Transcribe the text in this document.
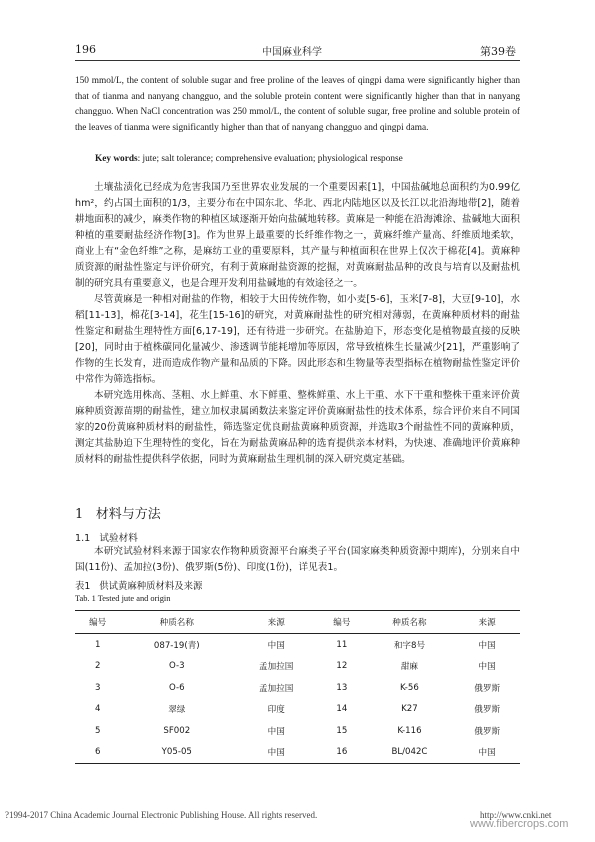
196	中国麻业科学	第39卷
150 mmol/L, the content of soluble sugar and free proline of the leaves of qingpi dama were significantly higher than that of tianma and nanyang changguo, and the soluble protein content were significantly higher than that in nanyang changguo. When NaCl concentration was 250 mmol/L, the content of soluble sugar, free proline and soluble protein of the leaves of tianma were significantly higher than that of nanyang changguo and qingpi dama.
Key words: jute; salt tolerance; comprehensive evaluation; physiological response

土壤盐渍化已经成为危害我国乃至世界农业发展的一个重要因素[1]，中国盐碱地总面积约为0.99亿hm²，约占国土面积的1/3，主要分布在中国东北、华北、西北内陆地区以及长江以北沿海地带[2]，随着耕地面积的减少，麻类作物的种植区域逐渐开始向盐碱地转移。黄麻是一种能在沿海滩涂、盐碱地大面积种植的重要耐盐经济作物[3]。作为世界上最重要的长纤维作物之一，黄麻纤维产量高、纤维质地柔软，商业上有“金色纤维”之称，是麻纺工业的重要原料，其产量与种植面积在世界上仅次于棉花[4]。黄麻种质资源的耐盐性鉴定与评价研究，有利于黄麻耐盐资源的挖掘，对黄麻耐盐品种的改良与培育以及耐盐机制的研究具有重要意义，也是合理开发利用盐碱地的有效途径之一。

尽管黄麻是一种相对耐盐的作物，相较于大田传统作物，如小麦[5-6]，玉米[7-8]，大豆[9-10]，水稻[11-13]，棉花[3-14]，花生[15-16]的研究，对黄麻耐盐性的研究相对薄弱，在黄麻种质材料的耐盐性鉴定和耐盐生理特性方面[6,17-19]，还有待进一步研究。在盐胁迫下，形态变化是植物最直接的反映[20]，同时由于植株碳同化量减少、渗透调节能耗增加等原因，常导致植株生长量减少[21]，严重影响了作物的生长发育，进而造成作物产量和品质的下降。因此形态和生物量等表型指标在植物耐盐性鉴定评价中常作为筛选指标。

本研究选用株高、茎粗、水上鲜重、水下鲜重、整株鲜重、水上干重、水下干重和整株干重来评价黄麻种质资源苗期的耐盐性，建立加权隶属函数法来鉴定评价黄麻耐盐性的技术体系，综合评价来自不同国家的20份黄麻种质材料的耐盐性，筛选鉴定优良耐盐黄麻种质资源，并选取3个耐盐性不同的黄麻种质，测定其盐胁迫下生理特性的变化，旨在为耐盐黄麻品种的选育提供亲本材料，为快速、准确地评价黄麻种质材料的耐盐性提供科学依据，同时为黄麻耐盐生理机制的深入研究奠定基础。

1 材料与方法
1.1 试验材料

本研究试验材料来源于国家农作物种质资源平台麻类子平台(国家麻类种质资源中期库)，分别来自中国(11份)、孟加拉(3份)、俄罗斯(5份)、印度(1份)，详见表1。

表1 供试黄麻种质材料及来源
Tab. 1 Tested jute and origin
编号	种质名称	来源	编号	种质名称	来源
1	087-19(青)	中国	11	和字8号	中国
2	O-3	孟加拉国	12	甜麻	中国
3	O-6	孟加拉国	13	K-56	俄罗斯
4	翠绿	印度	14	K27	俄罗斯
5	SF002	中国	15	K-116	俄罗斯
6	Y05-05	中国	16	BL/042C	中国
?1994-2017 China Academic Journal Electronic Publishing House. All rights reserved.	http://www.cnki.net
www.fibercrops.com
